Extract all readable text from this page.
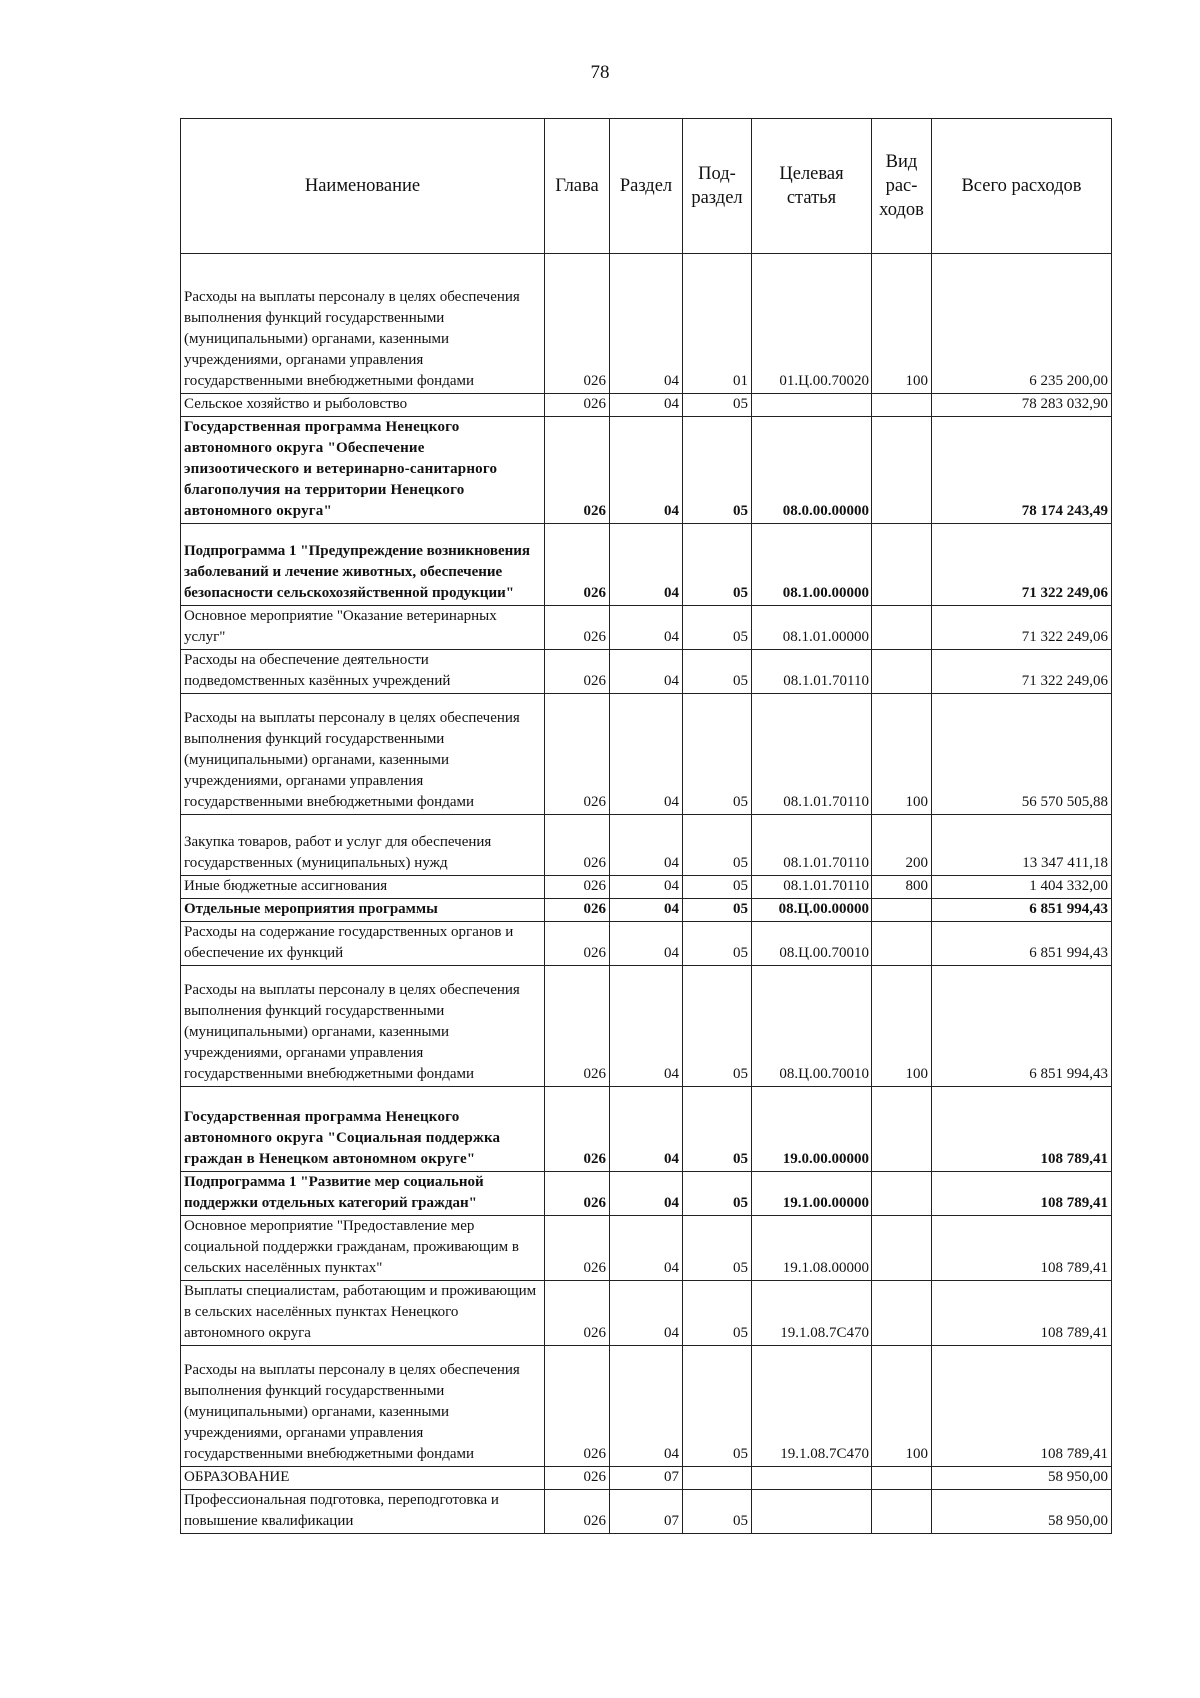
78
Наименование	Глава	Раздел	Под-раздел	Целевая статья	Вид рас-ходов	Всего расходов
Расходы на выплаты персоналу в целях обеспечения выполнения функций государственными (муниципальными) органами, казенными учреждениями, органами управления государственными внебюджетными фондами	026	04	01	01.Ц.00.70020	100	6 235 200,00
Сельское хозяйство и рыболовство	026	04	05			78 283 032,90
Государственная программа Ненецкого автономного округа "Обеспечение эпизоотического и ветеринарно-санитарного благополучия на территории Ненецкого автономного округа"	026	04	05	08.0.00.00000		78 174 243,49
Подпрограмма 1 "Предупреждение возникновения заболеваний и лечение животных, обеспечение безопасности сельскохозяйственной продукции"	026	04	05	08.1.00.00000		71 322 249,06
Основное мероприятие "Оказание ветеринарных услуг"	026	04	05	08.1.01.00000		71 322 249,06
Расходы на обеспечение деятельности подведомственных казённых учреждений	026	04	05	08.1.01.70110		71 322 249,06
Расходы на выплаты персоналу в целях обеспечения выполнения функций государственными (муниципальными) органами, казенными учреждениями, органами управления государственными внебюджетными фондами	026	04	05	08.1.01.70110	100	56 570 505,88
Закупка товаров, работ и услуг для обеспечения государственных (муниципальных) нужд	026	04	05	08.1.01.70110	200	13 347 411,18
Иные бюджетные ассигнования	026	04	05	08.1.01.70110	800	1 404 332,00
Отдельные мероприятия программы	026	04	05	08.Ц.00.00000		6 851 994,43
Расходы на содержание государственных органов и обеспечение их функций	026	04	05	08.Ц.00.70010		6 851 994,43
Расходы на выплаты персоналу в целях обеспечения выполнения функций государственными (муниципальными) органами, казенными учреждениями, органами управления государственными внебюджетными фондами	026	04	05	08.Ц.00.70010	100	6 851 994,43
Государственная программа Ненецкого автономного округа "Социальная поддержка граждан в Ненецком автономном округе"	026	04	05	19.0.00.00000		108 789,41
Подпрограмма 1 "Развитие мер социальной поддержки отдельных категорий граждан"	026	04	05	19.1.00.00000		108 789,41
Основное мероприятие "Предоставление мер социальной поддержки гражданам, проживающим в сельских населённых пунктах"	026	04	05	19.1.08.00000		108 789,41
Выплаты специалистам, работающим и проживающим в сельских населённых пунктах Ненецкого автономного округа	026	04	05	19.1.08.7С470		108 789,41
Расходы на выплаты персоналу в целях обеспечения выполнения функций государственными (муниципальными) органами, казенными учреждениями, органами управления государственными внебюджетными фондами	026	04	05	19.1.08.7С470	100	108 789,41
ОБРАЗОВАНИЕ	026	07				58 950,00
Профессиональная подготовка, переподготовка и повышение квалификации	026	07	05			58 950,00
